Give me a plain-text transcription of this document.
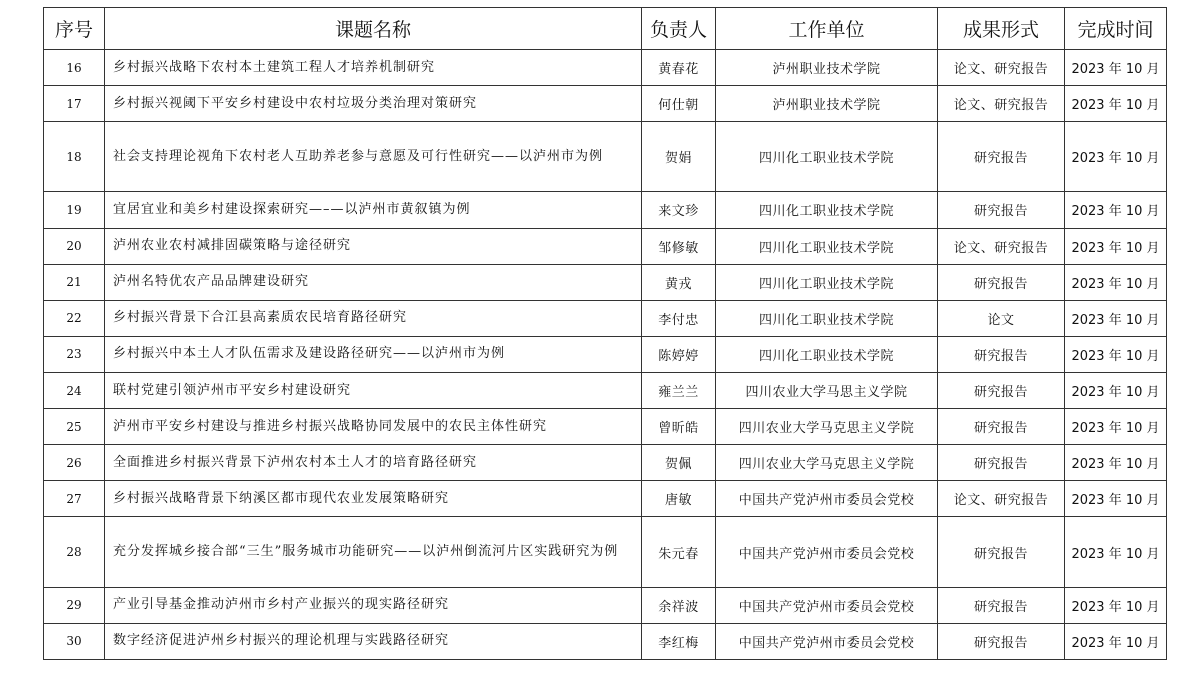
序号	课题名称	负责人	工作单位	成果形式	完成时间
16	乡村振兴战略下农村本土建筑工程人才培养机制研究	黄春花	泸州职业技术学院	论文、研究报告	2023 年 10 月
17	乡村振兴视阈下平安乡村建设中农村垃圾分类治理对策研究	何仕朝	泸州职业技术学院	论文、研究报告	2023 年 10 月
18	社会支持理论视角下农村老人互助养老参与意愿及可行性研究——以泸州市为例	贺娟	四川化工职业技术学院	研究报告	2023 年 10 月
19	宜居宜业和美乡村建设探索研究—–—以泸州市黄叙镇为例	来文珍	四川化工职业技术学院	研究报告	2023 年 10 月
20	泸州农业农村减排固碳策略与途径研究	邹修敏	四川化工职业技术学院	论文、研究报告	2023 年 10 月
21	泸州名特优农产品品牌建设研究	黄戎	四川化工职业技术学院	研究报告	2023 年 10 月
22	乡村振兴背景下合江县高素质农民培育路径研究	李付忠	四川化工职业技术学院	论文	2023 年 10 月
23	乡村振兴中本土人才队伍需求及建设路径研究——以泸州市为例	陈婷婷	四川化工职业技术学院	研究报告	2023 年 10 月
24	联村党建引领泸州市平安乡村建设研究	雍兰兰	四川农业大学马思主义学院	研究报告	2023 年 10 月
25	泸州市平安乡村建设与推进乡村振兴战略协同发展中的农民主体性研究	曾昕皓	四川农业大学马克思主义学院	研究报告	2023 年 10 月
26	全面推进乡村振兴背景下泸州农村本土人才的培育路径研究	贺佩	四川农业大学马克思主义学院	研究报告	2023 年 10 月
27	乡村振兴战略背景下纳溪区都市现代农业发展策略研究	唐敏	中国共产党泸州市委员会党校	论文、研究报告	2023 年 10 月
28	充分发挥城乡接合部“三生”服务城市功能研究——以泸州倒流河片区实践研究为例	朱元春	中国共产党泸州市委员会党校	研究报告	2023 年 10 月
29	产业引导基金推动泸州市乡村产业振兴的现实路径研究	余祥波	中国共产党泸州市委员会党校	研究报告	2023 年 10 月
30	数字经济促进泸州乡村振兴的理论机理与实践路径研究	李红梅	中国共产党泸州市委员会党校	研究报告	2023 年 10 月
